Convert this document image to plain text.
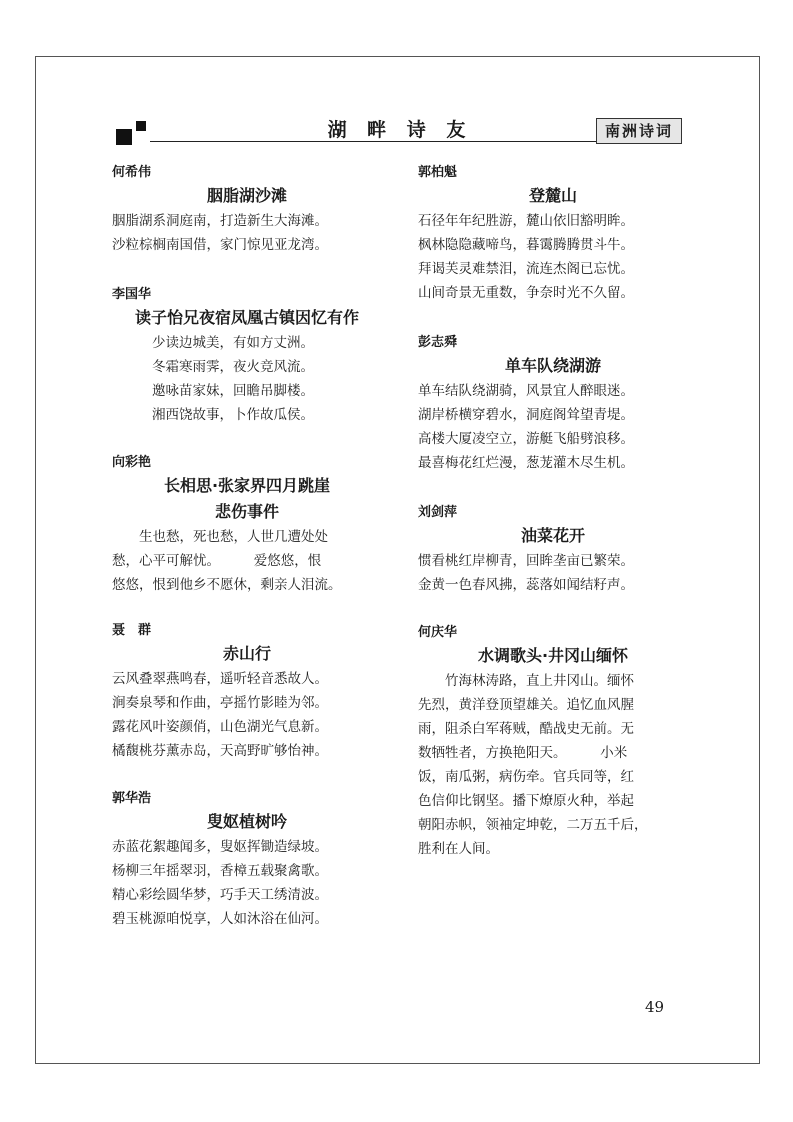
湖 畔 诗 友	南洲诗词
何希伟
胭脂湖沙滩
胭脂湖系洞庭南，打造新生大海滩。
沙粒棕榈南国借，家门惊见亚龙湾。
李国华
读子怡兄夜宿凤凰古镇因忆有作
少读边城美，有如方丈洲。
冬霜寒雨霁，夜火竞风流。
邀咏苗家妹，回瞻吊脚楼。
湘西饶故事，卜作故瓜侯。
向彩艳
长相思·张家界四月跳崖
悲伤事件
　　生也愁，死也愁，人世几遭处处
愁，心平可解忧。　　　爱悠悠，恨
悠悠，恨到他乡不愿休，剩亲人泪流。
聂　群
赤山行
云风叠翠燕鸣春，遥听轻音悉故人。
涧奏泉琴和作曲，亭摇竹影睦为邻。
露花风叶姿颜俏，山色湖光气息新。
橘馥桃芬薰赤岛，天高野旷够怡神。
郭华浩
叟妪植树吟
赤蓝花絮趣闻多，叟妪挥锄造绿坡。
杨柳三年摇翠羽，香樟五载聚禽歌。
精心彩绘圆华梦，巧手天工绣清波。
碧玉桃源咱悦享，人如沐浴在仙河。
郭柏魁
登麓山
石径年年纪胜游，麓山依旧豁明眸。
枫林隐隐藏啼鸟，暮霭腾腾贯斗牛。
拜谒芙灵难禁泪，流连杰阁已忘忧。
山间奇景无重数，争奈时光不久留。
彭志舜
单车队绕湖游
单车结队绕湖骑，风景宜人醉眼迷。
湖岸桥横穿碧水，洞庭阁耸望青堤。
高楼大厦凌空立，游艇飞船劈浪移。
最喜梅花红烂漫，葱茏灌木尽生机。
刘剑萍
油菜花开
惯看桃红岸柳青，回眸垄亩已繁荣。
金黄一色春风拂，蕊落如闻结籽声。
何庆华
水调歌头·井冈山缅怀
　　竹海林涛路，直上井冈山。缅怀
先烈，黄洋登顶望雄关。追忆血风腥
雨，阻杀白军蒋贼，酷战史无前。无
数牺牲者，方换艳阳天。　　　小米
饭，南瓜粥，病伤牵。官兵同等，红
色信仰比钢坚。播下燎原火种，举起
朝阳赤帜，领袖定坤乾，二万五千后，
胜利在人间。
49
